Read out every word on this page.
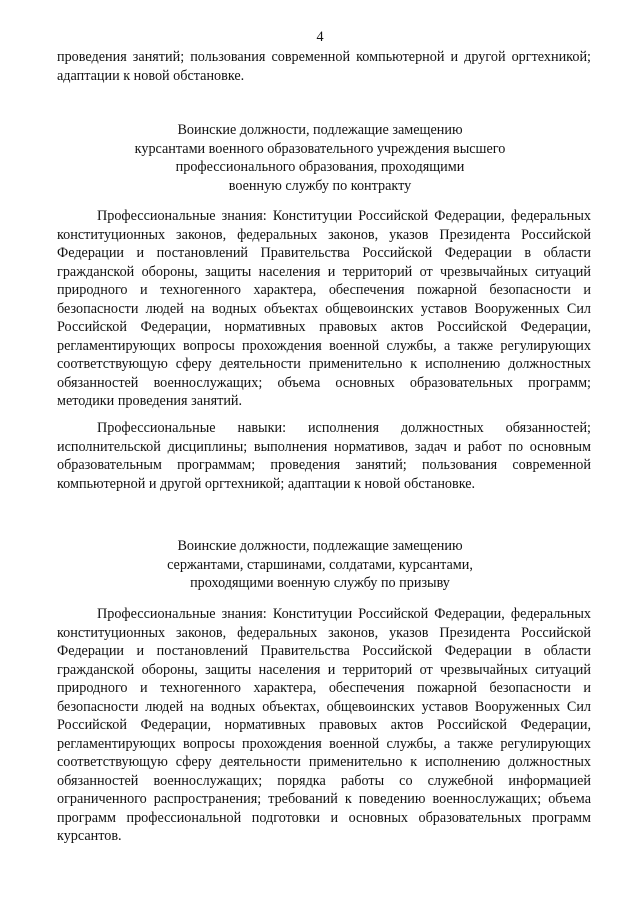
4

проведения занятий; пользования современной компьютерной и другой оргтехникой; адаптации к новой обстановке.

Воинские должности, подлежащие замещению
курсантами военного образовательного учреждения высшего
профессионального образования, проходящими
военную службу по контракту

Профессиональные знания: Конституции Российской Федерации, федеральных конституционных законов, федеральных законов, указов Президента Российской Федерации и постановлений Правительства Российской Федерации в области гражданской обороны, защиты населения и территорий от чрезвычайных ситуаций природного и техногенного характера, обеспечения пожарной безопасности и безопасности людей на водных объектах общевоинских уставов Вооруженных Сил Российской Федерации, нормативных правовых актов Российской Федерации, регламентирующих вопросы прохождения военной службы, а также регулирующих соответствующую сферу деятельности применительно к исполнению должностных обязанностей военнослужащих; объема основных образовательных программ; методики проведения занятий.

Профессиональные навыки: исполнения должностных обязанностей; исполнительской дисциплины; выполнения нормативов, задач и работ по основным образовательным программам; проведения занятий; пользования современной компьютерной и другой оргтехникой; адаптации к новой обстановке.

Воинские должности, подлежащие замещению
сержантами, старшинами, солдатами, курсантами,
проходящими военную службу по призыву

Профессиональные знания: Конституции Российской Федерации, федеральных конституционных законов, федеральных законов, указов Президента Российской Федерации и постановлений Правительства Российской Федерации в области гражданской обороны, защиты населения и территорий от чрезвычайных ситуаций природного и техногенного характера, обеспечения пожарной безопасности и безопасности людей на водных объектах, общевоинских уставов Вооруженных Сил Российской Федерации, нормативных правовых актов Российской Федерации, регламентирующих вопросы прохождения военной службы, а также регулирующих соответствующую сферу деятельности применительно к исполнению должностных обязанностей военнослужащих; порядка работы со служебной информацией ограниченного распространения; требований к поведению военнослужащих; объема программ профессиональной подготовки и основных образовательных программ курсантов.
